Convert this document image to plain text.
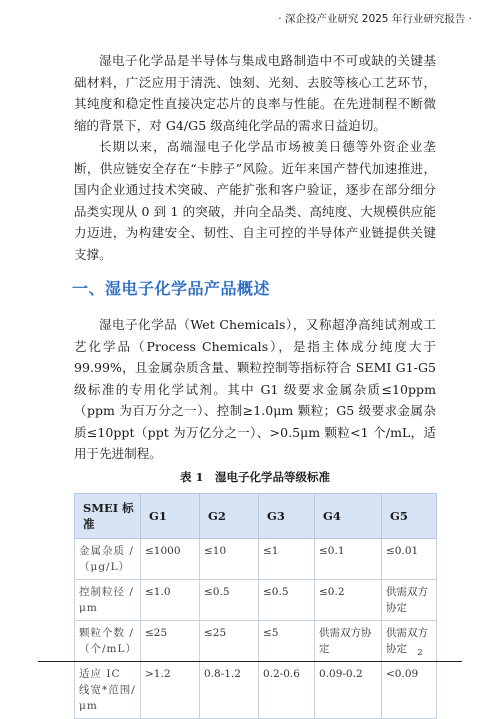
· 深企投产业研究 2025 年行业研究报告 ·

湿电子化学品是半导体与集成电路制造中不可或缺的关键基础材料，广泛应用于清洗、蚀刻、光刻、去胶等核心工艺环节，其纯度和稳定性直接决定芯片的良率与性能。在先进制程不断微缩的背景下，对 G4/G5 级高纯化学品的需求日益迫切。

长期以来，高端湿电子化学品市场被美日德等外资企业垄断，供应链安全存在“卡脖子”风险。近年来国产替代加速推进，国内企业通过技术突破、产能扩张和客户验证，逐步在部分细分品类实现从 0 到 1 的突破，并向全品类、高纯度、大规模供应能力迈进，为构建安全、韧性、自主可控的半导体产业链提供关键支撑。

一、湿电子化学品产品概述

湿电子化学品（Wet Chemicals），又称超净高纯试剂或工艺化学品（Process Chemicals），是指主体成分纯度大于 99.99%，且金属杂质含量、颗粒控制等指标符合 SEMI G1-G5 级标准的专用化学试剂。其中 G1 级要求金属杂质≤10ppm（ppm 为百万分之一）、控制≥1.0μm 颗粒；G5 级要求金属杂质≤10ppt（ppt 为万亿分之一）、>0.5μm 颗粒<1 个/mL，适用于先进制程。

表 1　湿电子化学品等级标准
SMEI 标准	G1	G2	G3	G4	G5
金属杂质 /（μg/L）	≤1000	≤10	≤1	≤0.1	≤0.01
控制粒径 /μm	≤1.0	≤0.5	≤0.5	≤0.2	供需双方协定
颗粒个数 /（个/mL）	≤25	≤25	≤5	供需双方协定	供需双方协定
适应 IC 线宽*范围/μm	>1.2	0.8-1.2	0.2-0.6	0.09-0.2	<0.09
2
